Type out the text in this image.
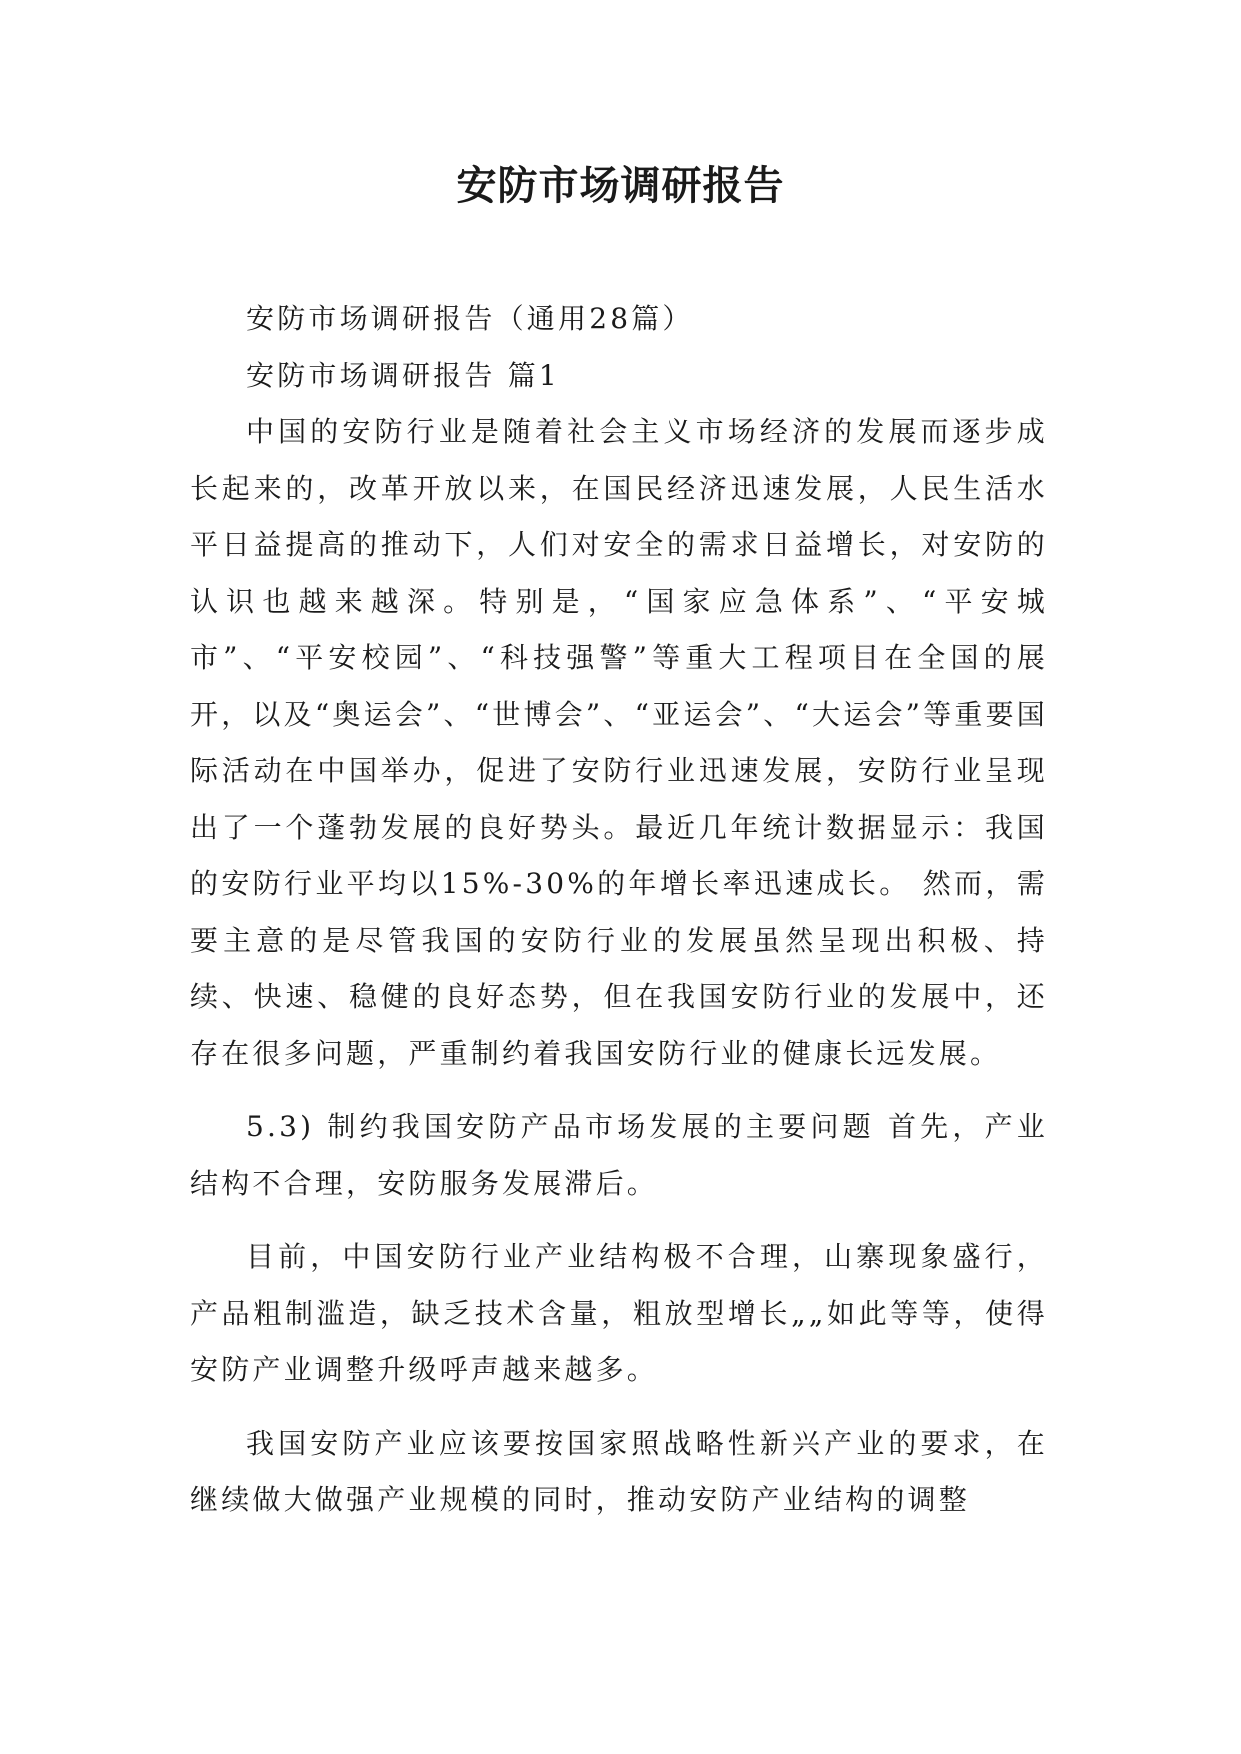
安防市场调研报告

安防市场调研报告（通用28篇）

安防市场调研报告 篇1

中国的安防行业是随着社会主义市场经济的发展而逐步成长起来的，改革开放以来，在国民经济迅速发展，人民生活水平日益提高的推动下，人们对安全的需求日益增长，对安防的认识也越来越深。特别是，“国家应急体系”、“平安城市”、“平安校园”、“科技强警”等重大工程项目在全国的展开，以及“奥运会”、“世博会”、“亚运会”、“大运会”等重要国际活动在中国举办，促进了安防行业迅速发展，安防行业呈现出了一个蓬勃发展的良好势头。最近几年统计数据显示：我国的安防行业平均以15%-30%的年增长率迅速成长。 然而，需要主意的是尽管我国的安防行业的发展虽然呈现出积极、持续、快速、稳健的良好态势，但在我国安防行业的发展中，还存在很多问题，严重制约着我国安防行业的健康长远发展。

5.3) 制约我国安防产品市场发展的主要问题 首先，产业结构不合理，安防服务发展滞后。

目前，中国安防行业产业结构极不合理，山寨现象盛行，产品粗制滥造，缺乏技术含量，粗放型增长„„如此等等，使得安防产业调整升级呼声越来越多。

我国安防产业应该要按国家照战略性新兴产业的要求，在继续做大做强产业规模的同时，推动安防产业结构的调整
